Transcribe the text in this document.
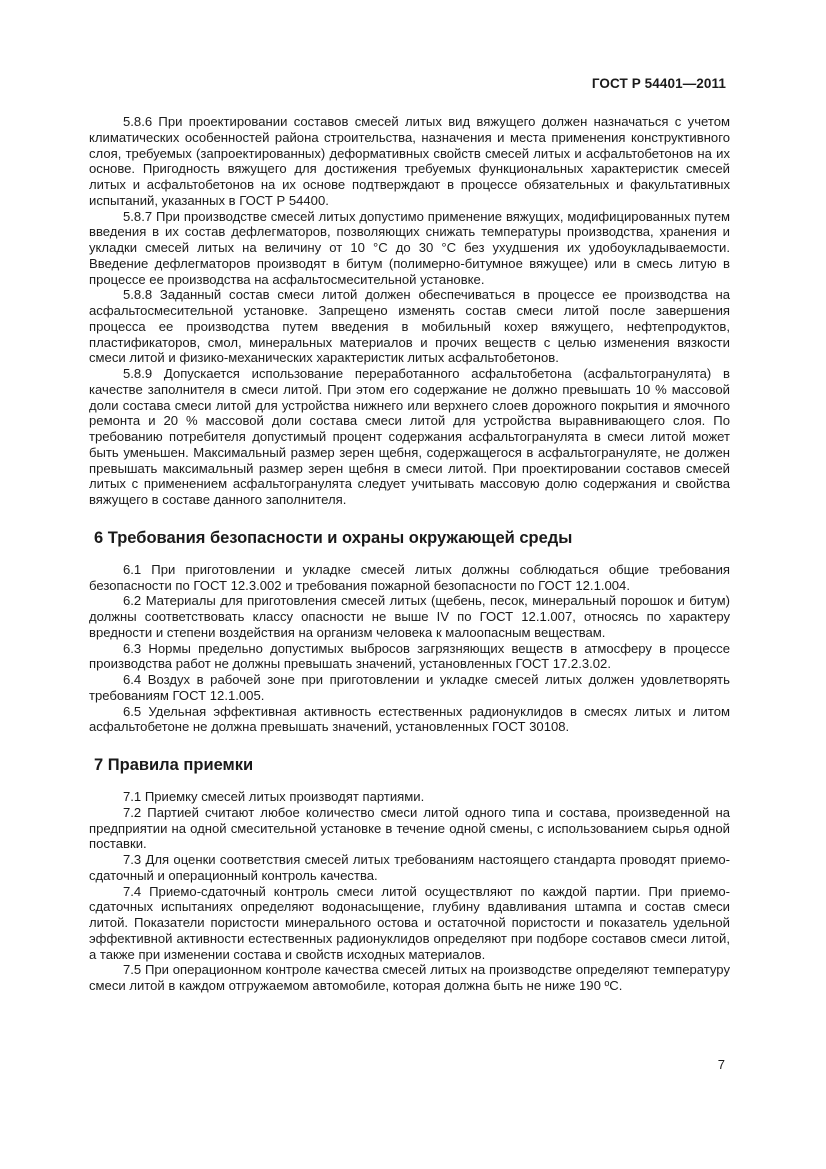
ГОСТ Р 54401—2011

5.8.6 При проектировании составов смесей литых вид вяжущего должен назначаться с учетом климатических особенностей района строительства, назначения и места применения конструктивного слоя, требуемых (запроектированных) деформативных свойств смесей литых и асфальтобетонов на их основе. Пригодность вяжущего для достижения требуемых функциональных характеристик смесей литых и асфальтобетонов на их основе подтверждают в процессе обязательных и факультативных испытаний, указанных в ГОСТ Р 54400.

5.8.7 При производстве смесей литых допустимо применение вяжущих, модифицированных путем введения в их состав дефлегматоров, позволяющих снижать температуры производства, хранения и укладки смесей литых на величину от 10 °С до 30 °С без ухудшения их удобоукладываемости. Введение дефлегматоров производят в битум (полимерно-битумное вяжущее) или в смесь литую в процессе ее производства на асфальтосмесительной установке.

5.8.8 Заданный состав смеси литой должен обеспечиваться в процессе ее производства на асфальтосмесительной установке. Запрещено изменять состав смеси литой после завершения процесса ее производства путем введения в мобильный кохер вяжущего, нефтепродуктов, пластификаторов, смол, минеральных материалов и прочих веществ с целью изменения вязкости смеси литой и физико-механических характеристик литых асфальтобетонов.

5.8.9 Допускается использование переработанного асфальтобетона (асфальтогранулята) в качестве заполнителя в смеси литой. При этом его содержание не должно превышать 10 % массовой доли состава смеси литой для устройства нижнего или верхнего слоев дорожного покрытия и ямочного ремонта и 20 % массовой доли состава смеси литой для устройства выравнивающего слоя. По требованию потребителя допустимый процент содержания асфальтогранулята в смеси литой может быть уменьшен. Максимальный размер зерен щебня, содержащегося в асфальтогрануляте, не должен превышать максимальный размер зерен щебня в смеси литой. При проектировании составов смесей литых с применением асфальтогранулята следует учитывать массовую долю содержания и свойства вяжущего в составе данного заполнителя.

6 Требования безопасности и охраны окружающей среды

6.1 При приготовлении и укладке смесей литых должны соблюдаться общие требования безопасности по ГОСТ 12.3.002 и требования пожарной безопасности по ГОСТ 12.1.004.

6.2 Материалы для приготовления смесей литых (щебень, песок, минеральный порошок и битум) должны соответствовать классу опасности не выше IV по ГОСТ 12.1.007, относясь по характеру вредности и степени воздействия на организм человека к малоопасным веществам.

6.3 Нормы предельно допустимых выбросов загрязняющих веществ в атмосферу в процессе производства работ не должны превышать значений, установленных ГОСТ 17.2.3.02.

6.4 Воздух в рабочей зоне при приготовлении и укладке смесей литых должен удовлетворять требованиям ГОСТ 12.1.005.

6.5 Удельная эффективная активность естественных радионуклидов в смесях литых и литом асфальтобетоне не должна превышать значений, установленных ГОСТ 30108.

7 Правила приемки

7.1 Приемку смесей литых производят партиями.

7.2 Партией считают любое количество смеси литой одного типа и состава, произведенной на предприятии на одной смесительной установке в течение одной смены, с использованием сырья одной поставки.

7.3 Для оценки соответствия смесей литых требованиям настоящего стандарта проводят приемо-сдаточный и операционный контроль качества.

7.4 Приемо-сдаточный контроль смеси литой осуществляют по каждой партии. При приемо-сдаточных испытаниях определяют водонасыщение, глубину вдавливания штампа и состав смеси литой. Показатели пористости минерального остова и остаточной пористости и показатель удельной эффективной активности естественных радионуклидов определяют при подборе составов смеси литой, а также при изменении состава и свойств исходных материалов.

7.5 При операционном контроле качества смесей литых на производстве определяют температуру смеси литой в каждом отгружаемом автомобиле, которая должна быть не ниже 190 ºС.

7
